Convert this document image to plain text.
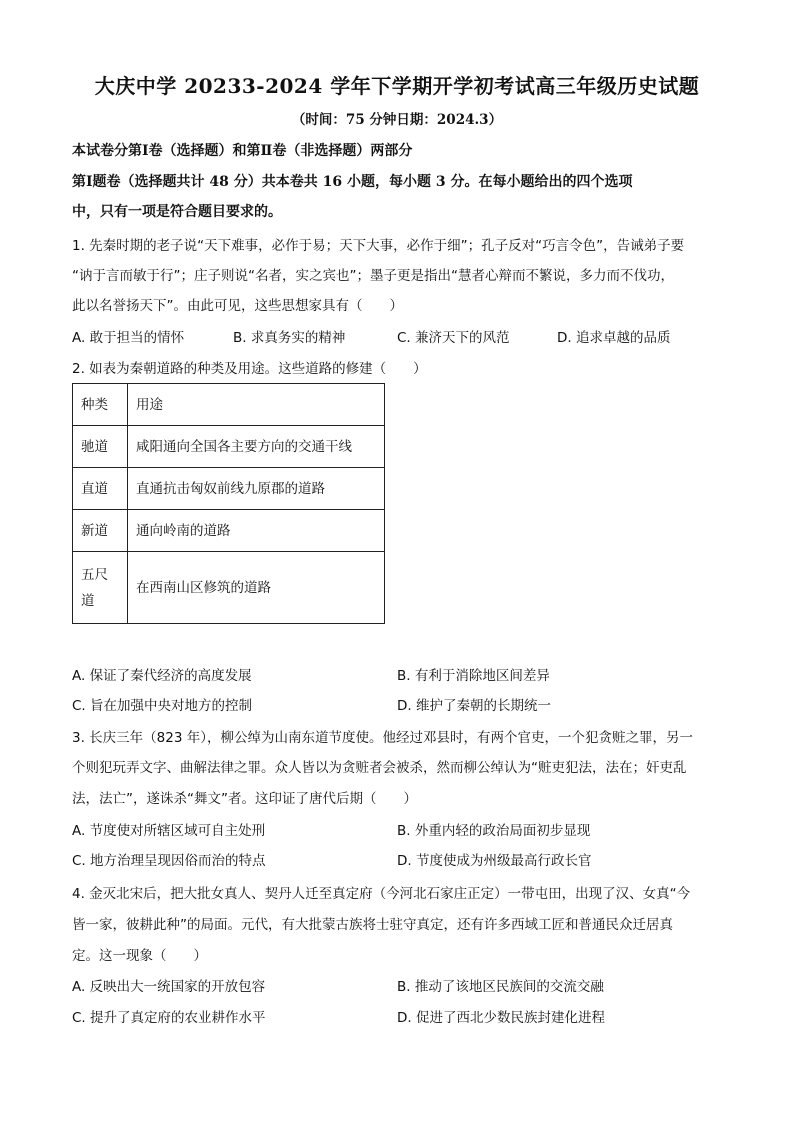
大庆中学 20233-2024 学年下学期开学初考试高三年级历史试题
（时间：75 分钟日期：2024.3）
本试卷分第Ⅰ卷（选择题）和第Ⅱ卷（非选择题）两部分
第Ⅰ题卷（选择题共计 48 分）共本卷共 16 小题，每小题 3 分。在每小题给出的四个选项
中，只有一项是符合题目要求的。
1. 先秦时期的老子说“天下难事，必作于易；天下大事，必作于细”；孔子反对“巧言令色”，告诫弟子要
“讷于言而敏于行”；庄子则说“名者，实之宾也”；墨子更是指出“慧者心辩而不繁说，多力而不伐功，
此以名誉扬天下”。由此可见，这些思想家具有（　　）
A. 敢于担当的情怀	B. 求真务实的精神	C. 兼济天下的风范	D. 追求卓越的品质
2. 如表为秦朝道路的种类及用途。这些道路的修建（　　）
种类	用途
驰道	咸阳通向全国各主要方向的交通干线
直道	直通抗击匈奴前线九原郡的道路
新道	通向岭南的道路
五尺道	在西南山区修筑的道路
A. 保证了秦代经济的高度发展	B. 有利于消除地区间差异
C. 旨在加强中央对地方的控制	D. 维护了秦朝的长期统一
3. 长庆三年（823 年），柳公绰为山南东道节度使。他经过邓县时，有两个官吏，一个犯贪赃之罪，另一
个则犯玩弄文字、曲解法律之罪。众人皆以为贪赃者会被杀，然而柳公绰认为“赃吏犯法，法在；奸吏乱
法，法亡”，遂诛杀“舞文”者。这印证了唐代后期（　　）
A. 节度使对所辖区域可自主处刑	B. 外重内轻的政治局面初步显现
C. 地方治理呈现因俗而治的特点	D. 节度使成为州级最高行政长官
4. 金灭北宋后，把大批女真人、契丹人迁至真定府（今河北石家庄正定）一带屯田，出现了汉、女真“今
皆一家，彼耕此种”的局面。元代，有大批蒙古族将士驻守真定，还有许多西域工匠和普通民众迁居真
定。这一现象（　　）
A. 反映出大一统国家的开放包容	B. 推动了该地区民族间的交流交融
C. 提升了真定府的农业耕作水平	D. 促进了西北少数民族封建化进程
